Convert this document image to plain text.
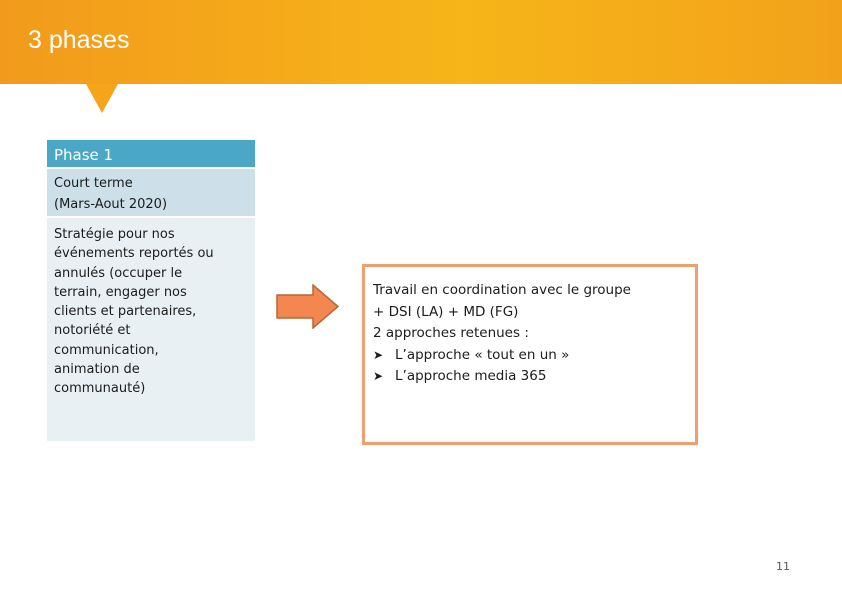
3 phases
Phase 1
Court terme
(Mars-Aout 2020)
Stratégie pour nos
événements reportés ou
annulés (occuper le
terrain, engager nos
clients et partenaires,
notoriété et
communication,
animation de
communauté)
Travail en coordination avec le groupe
+ DSI (LA) + MD (FG)
2 approches retenues :
➤ L’approche « tout en un »
➤ L’approche media 365
11
